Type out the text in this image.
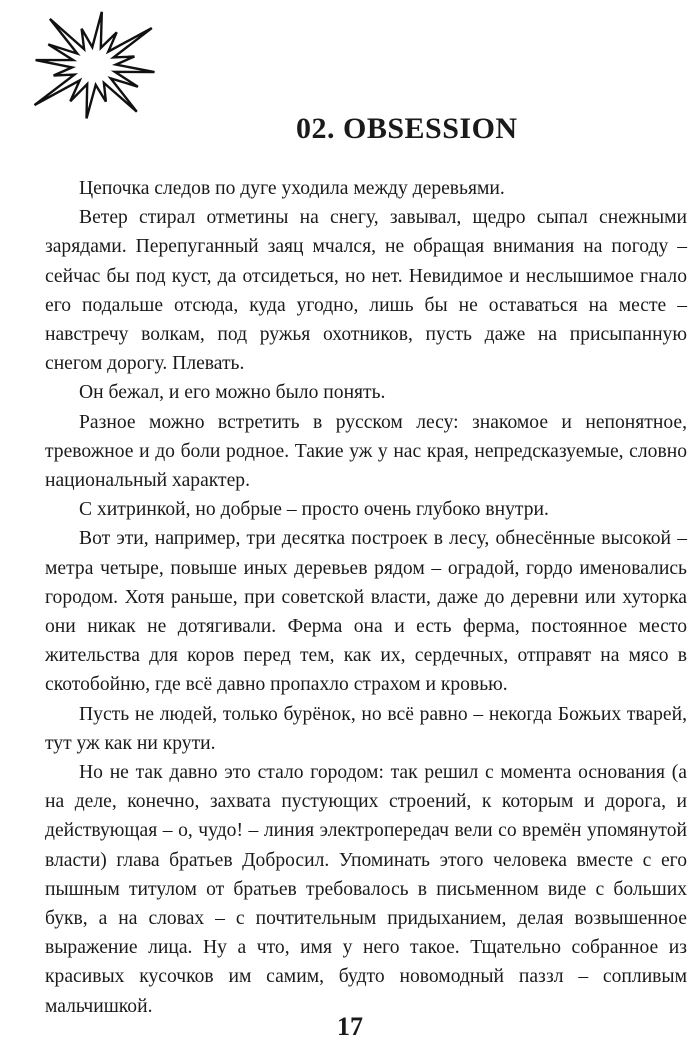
02. OBSESSION

Цепочка следов по дуге уходила между деревьями.

Ветер стирал отметины на снегу, завывал, щедро сыпал снежными зарядами. Перепуганный заяц мчался, не обращая внимания на погоду – сейчас бы под куст, да отсидеться, но нет. Невидимое и неслышимое гнало его подальше отсюда, куда угодно, лишь бы не оставаться на месте – навстречу волкам, под ружья охотников, пусть даже на присыпанную снегом дорогу. Плевать.

Он бежал, и его можно было понять.

Разное можно встретить в русском лесу: знакомое и непонятное, тревожное и до боли родное. Такие уж у нас края, непредсказуемые, словно национальный характер.

С хитринкой, но добрые – просто очень глубоко внутри.

Вот эти, например, три десятка построек в лесу, обнесённые высокой – метра четыре, повыше иных деревьев рядом – оградой, гордо именовались городом. Хотя раньше, при советской власти, даже до деревни или хуторка они никак не дотягивали. Ферма она и есть ферма, постоянное место жительства для коров перед тем, как их, сердечных, отправят на мясо в скотобойню, где всё давно пропахло страхом и кровью.

Пусть не людей, только бурёнок, но всё равно – некогда Божьих тварей, тут уж как ни крути.

Но не так давно это стало городом: так решил с момента основания (а на деле, конечно, захвата пустующих строений, к которым и дорога, и действующая – о, чудо! – линия электропередач вели со времён упомянутой власти) глава братьев Добросил. Упоминать этого человека вместе с его пышным титулом от братьев требовалось в письменном виде с больших букв, а на словах – с почтительным придыханием, делая возвышенное выражение лица. Ну а что, имя у него такое. Тщательно собранное из красивых кусочков им самим, будто новомодный паззл – сопливым мальчишкой.

17
